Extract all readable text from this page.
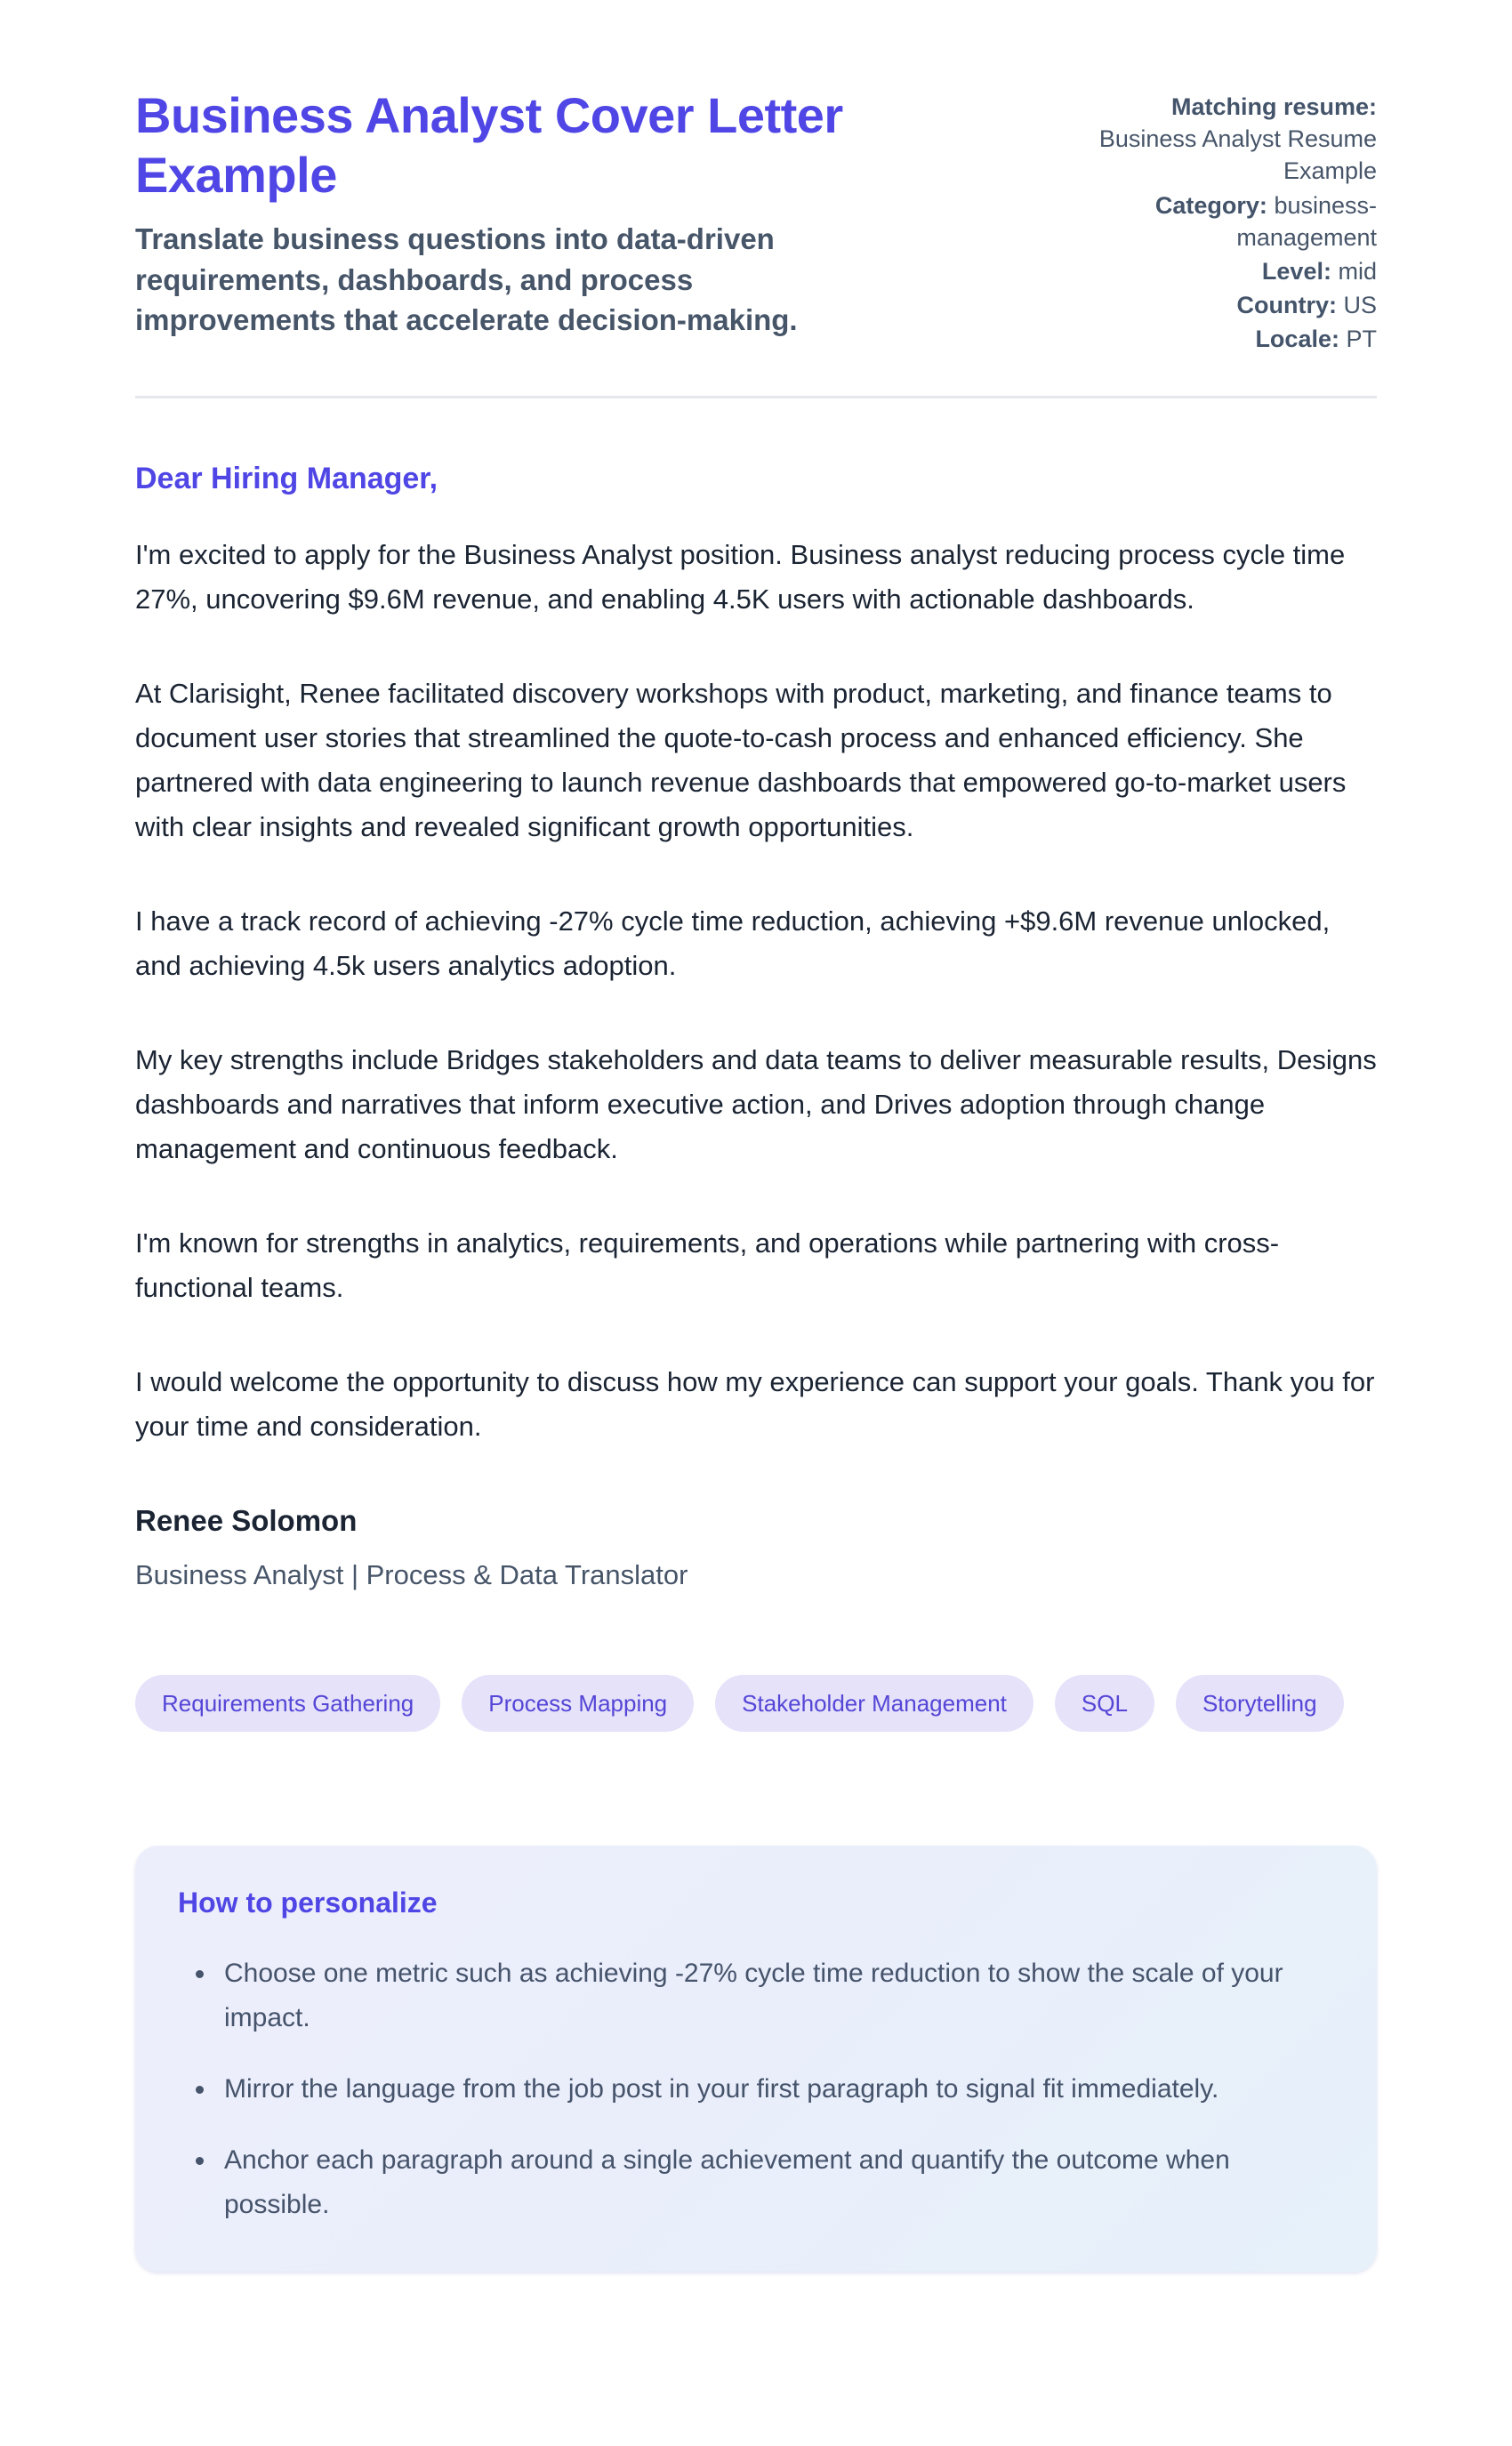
Business Analyst Cover Letter Example
Translate business questions into data-driven requirements, dashboards, and process improvements that accelerate decision-making.
Matching resume: Business Analyst Resume Example
Category: business-management
Level: mid
Country: US
Locale: PT
Dear Hiring Manager,

I'm excited to apply for the Business Analyst position. Business analyst reducing process cycle time 27%, uncovering $9.6M revenue, and enabling 4.5K users with actionable dashboards.

At Clarisight, Renee facilitated discovery workshops with product, marketing, and finance teams to document user stories that streamlined the quote-to-cash process and enhanced efficiency. She partnered with data engineering to launch revenue dashboards that empowered go-to-market users with clear insights and revealed significant growth opportunities.

I have a track record of achieving -27% cycle time reduction, achieving +$9.6M revenue unlocked, and achieving 4.5k users analytics adoption.

My key strengths include Bridges stakeholders and data teams to deliver measurable results, Designs dashboards and narratives that inform executive action, and Drives adoption through change management and continuous feedback.

I'm known for strengths in analytics, requirements, and operations while partnering with cross-functional teams.

I would welcome the opportunity to discuss how my experience can support your goals. Thank you for your time and consideration.

Renee Solomon
Business Analyst | Process & Data Translator
Requirements Gathering	Process Mapping	Stakeholder Management	SQL	Storytelling
How to personalize
• Choose one metric such as achieving -27% cycle time reduction to show the scale of your impact.
• Mirror the language from the job post in your first paragraph to signal fit immediately.
• Anchor each paragraph around a single achievement and quantify the outcome when possible.
